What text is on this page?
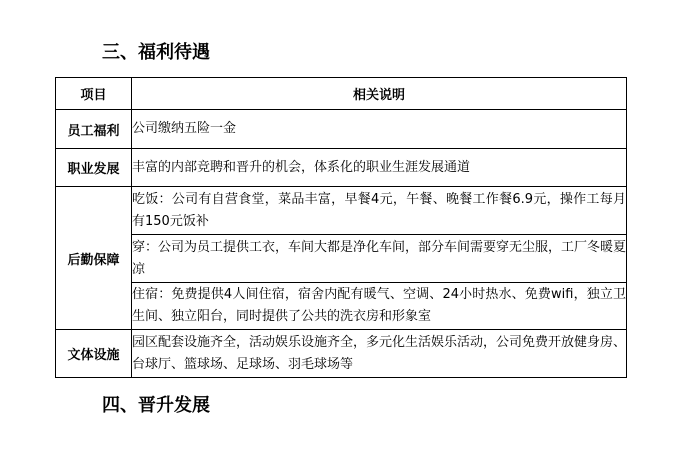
三、福利待遇
项目	相关说明
员工福利	公司缴纳五险一金
职业发展	丰富的内部竞聘和晋升的机会，体系化的职业生涯发展通道
后勤保障	吃饭：公司有自营食堂，菜品丰富，早餐4元，午餐、晚餐工作餐6.9元，操作工每月有150元饭补
	穿：公司为员工提供工衣，车间大都是净化车间，部分车间需要穿无尘服，工厂冬暖夏凉
	住宿：免费提供4人间住宿，宿舍内配有暖气、空调、24小时热水、免费wifi，独立卫生间、独立阳台，同时提供了公共的洗衣房和形象室
文体设施	园区配套设施齐全，活动娱乐设施齐全，多元化生活娱乐活动，公司免费开放健身房、台球厅、篮球场、足球场、羽毛球场等
四、晋升发展
